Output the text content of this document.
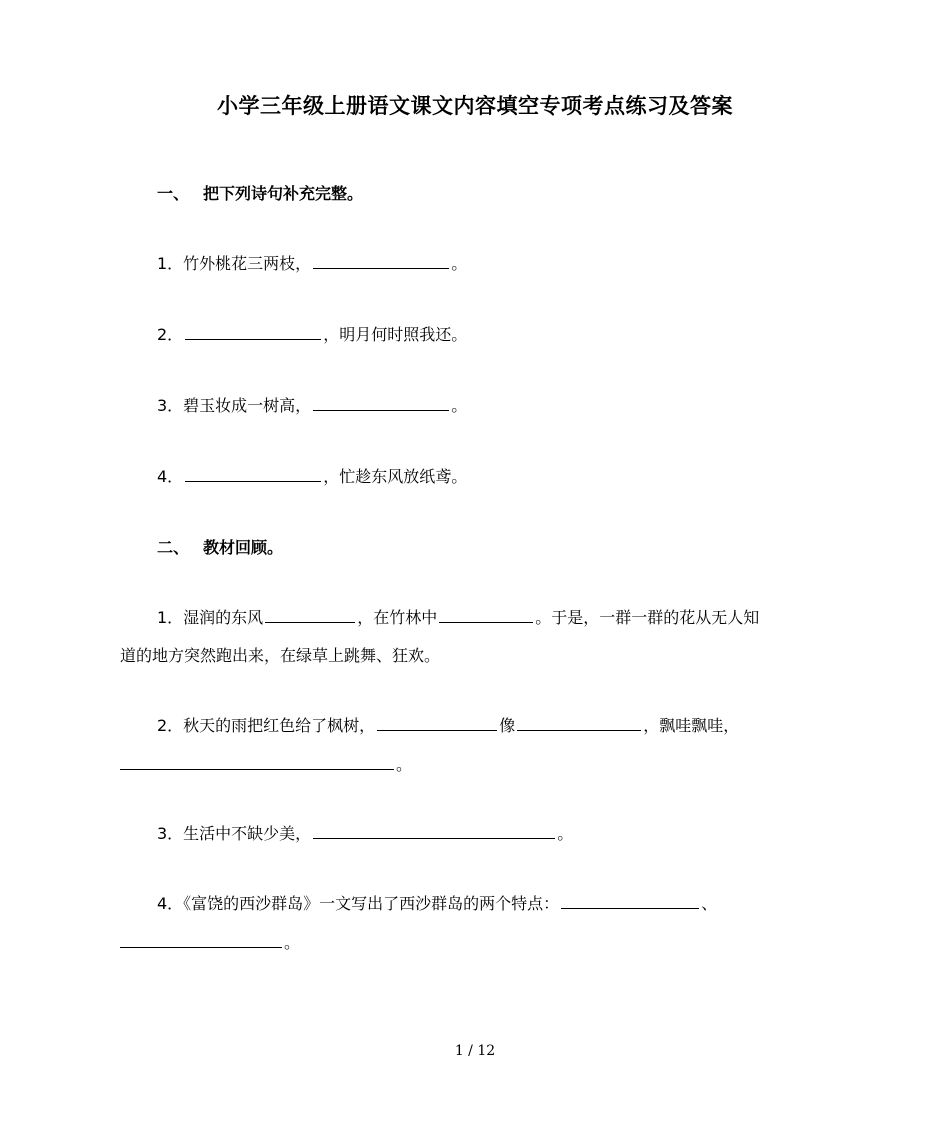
小学三年级上册语文课文内容填空专项考点练习及答案
一、 把下列诗句补充完整。
1．竹外桃花三两枝，	。
2．	，明月何时照我还。
3．碧玉妆成一树高，	。
4．	，忙趁东风放纸鸢。
二、 教材回顾。
1．湿润的东风	，在竹林中	。于是，一群一群的花从无人知
道的地方突然跑出来，在绿草上跳舞、狂欢。
2．秋天的雨把红色给了枫树，	像	，飘哇飘哇，
。
3．生活中不缺少美，	。
4．《富饶的西沙群岛》一文写出了西沙群岛的两个特点：	、
。
1 / 12
